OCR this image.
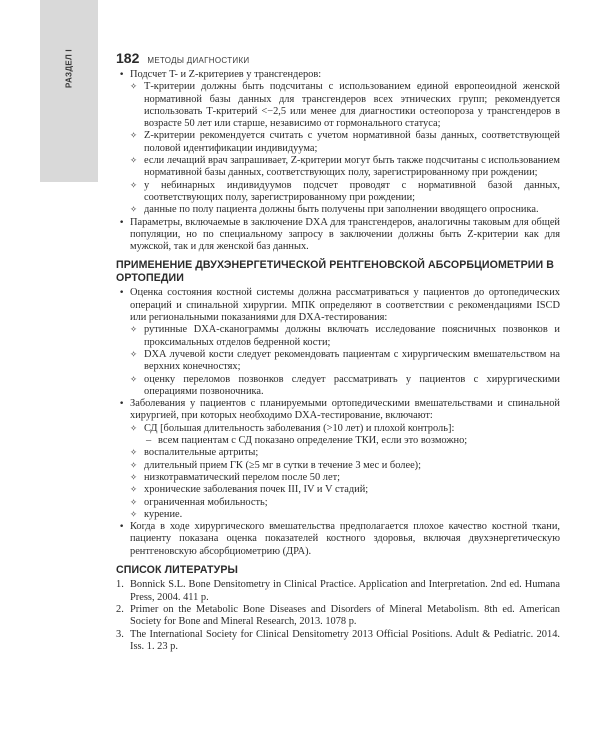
РАЗДЕЛ I	182 МЕТОДЫ ДИАГНОСТИКИ
• Подсчет T- и Z-критериев у трансгендеров:
✧ Т-критерии должны быть подсчитаны с использованием единой европеоидной женской нормативной базы данных для трансгендеров всех этнических групп; рекомендуется использовать Т-критерий <−2,5 или менее для диагностики остеопороза у трансгендеров в возрасте 50 лет или старше, независимо от гормонального статуса;
✧ Z-критерии рекомендуется считать с учетом нормативной базы данных, соответствующей половой идентификации индивидуума;
✧ если лечащий врач запрашивает, Z-критерии могут быть также подсчитаны с использованием нормативной базы данных, соответствующих полу, зарегистрированному при рождении;
✧ у небинарных индивидуумов подсчет проводят с нормативной базой данных, соответствующих полу, зарегистрированному при рождении;
✧ данные по полу пациента должны быть получены при заполнении вводящего опросника.
• Параметры, включаемые в заключение DXA для трансгендеров, аналогичны таковым для общей популяции, но по специальному запросу в заключении должны быть Z-критерии как для мужской, так и для женской баз данных.
ПРИМЕНЕНИЕ ДВУХЭНЕРГЕТИЧЕСКОЙ РЕНТГЕНОВСКОЙ АБСОРБЦИОМЕТРИИ В ОРТОПЕДИИ
• Оценка состояния костной системы должна рассматриваться у пациентов до ортопедических операций и спинальной хирургии. МПК определяют в соответствии с рекомендациями ISCD или региональными показаниями для DXA-тестирования:
✧ рутинные DXA-сканограммы должны включать исследование поясничных позвонков и проксимальных отделов бедренной кости;
✧ DXA лучевой кости следует рекомендовать пациентам с хирургическим вмешательством на верхних конечностях;
✧ оценку переломов позвонков следует рассматривать у пациентов с хирургическими операциями позвоночника.
• Заболевания у пациентов с планируемыми ортопедическими вмешательствами и спинальной хирургией, при которых необходимо DXA-тестирование, включают:
✧ СД [большая длительность заболевания (>10 лет) и плохой контроль]:
– всем пациентам с СД показано определение ТКИ, если это возможно;
✧ воспалительные артриты;
✧ длительный прием ГК (≥5 мг в сутки в течение 3 мес и более);
✧ низкотравматический перелом после 50 лет;
✧ хронические заболевания почек III, IV и V стадий;
✧ ограниченная мобильность;
✧ курение.
• Когда в ходе хирургического вмешательства предполагается плохое качество костной ткани, пациенту показана оценка показателей костного здоровья, включая двухэнергетическую рентгеновскую абсорбциометрию (ДРА).
СПИСОК ЛИТЕРАТУРЫ
1. Bonnick S.L. Bone Densitometry in Clinical Practice. Application and Interpretation. 2nd ed. Humana Press, 2004. 411 p.
2. Primer on the Metabolic Bone Diseases and Disorders of Mineral Metabolism. 8th ed. American Society for Bone and Mineral Research, 2013. 1078 p.
3. The International Society for Clinical Densitometry 2013 Official Positions. Adult & Pediatric. 2014. Iss. 1. 23 p.
